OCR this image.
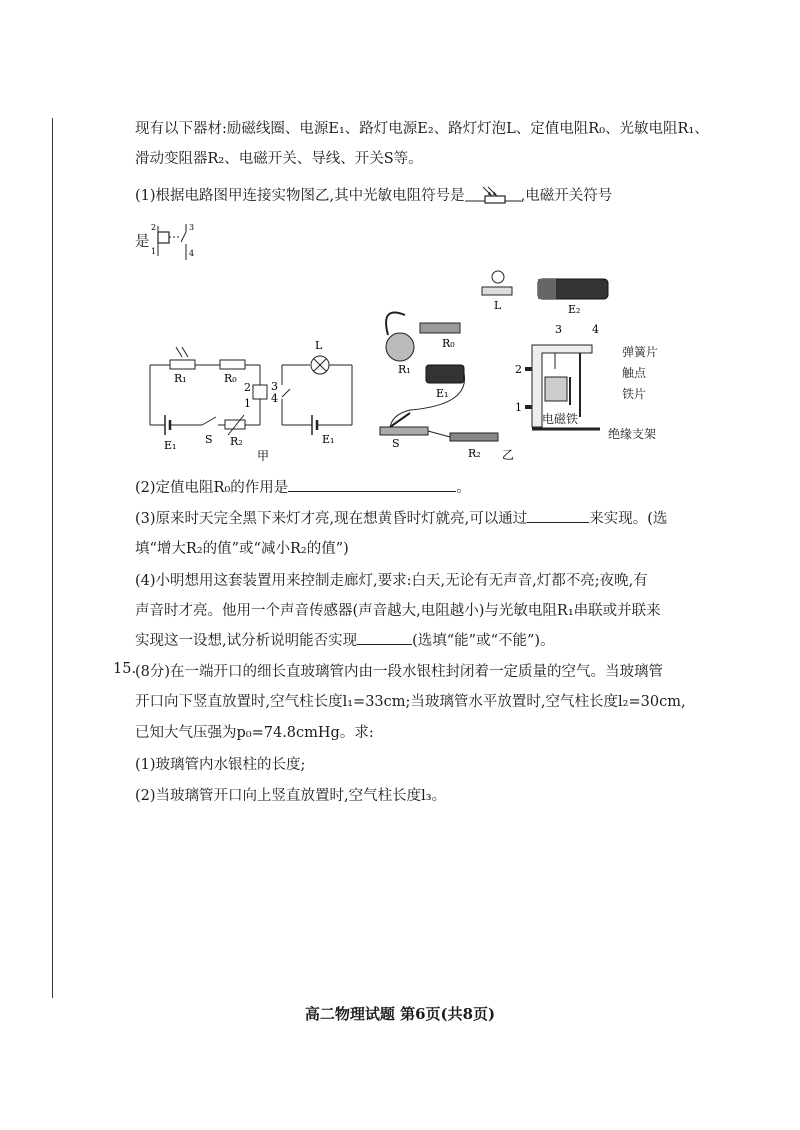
现有以下器材:励磁线圈、电源E₁、路灯电源E₂、路灯灯泡L、定值电阻R₀、光敏电阻R₁、
滑动变阻器R₂、电磁开关、导线、开关S等。
(1)根据电路图甲连接实物图乙,其中光敏电阻符号是	,电磁开关符号
是
2
1
3
4
R₁	R₀
3
4
2
1
E₁	S R₂
L
E₁
甲
L	E₂
R₁
R₀
E₁
S
R₂ 乙
3	4
2
1
弹簧片
触点
铁片
电磁铁
绝缘支架
(2)定值电阻R₀的作用是	。
(3)原来时天完全黑下来灯才亮,现在想黄昏时灯就亮,可以通过	来实现。(选
填“增大R₂的值”或“减小R₂的值”)
(4)小明想用这套装置用来控制走廊灯,要求:白天,无论有无声音,灯都不亮;夜晚,有
声音时才亮。他用一个声音传感器(声音越大,电阻越小)与光敏电阻R₁串联或并联来
实现这一设想,试分析说明能否实现	(选填“能”或“不能”)。
15.
(8分)在一端开口的细长直玻璃管内由一段水银柱封闭着一定质量的空气。当玻璃管
开口向下竖直放置时,空气柱长度l₁=33cm;当玻璃管水平放置时,空气柱长度l₂=30cm,
已知大气压强为p₀=74.8cmHg。求:
(1)玻璃管内水银柱的长度;
(2)当玻璃管开口向上竖直放置时,空气柱长度l₃。
高二物理试题 第6页(共8页)
